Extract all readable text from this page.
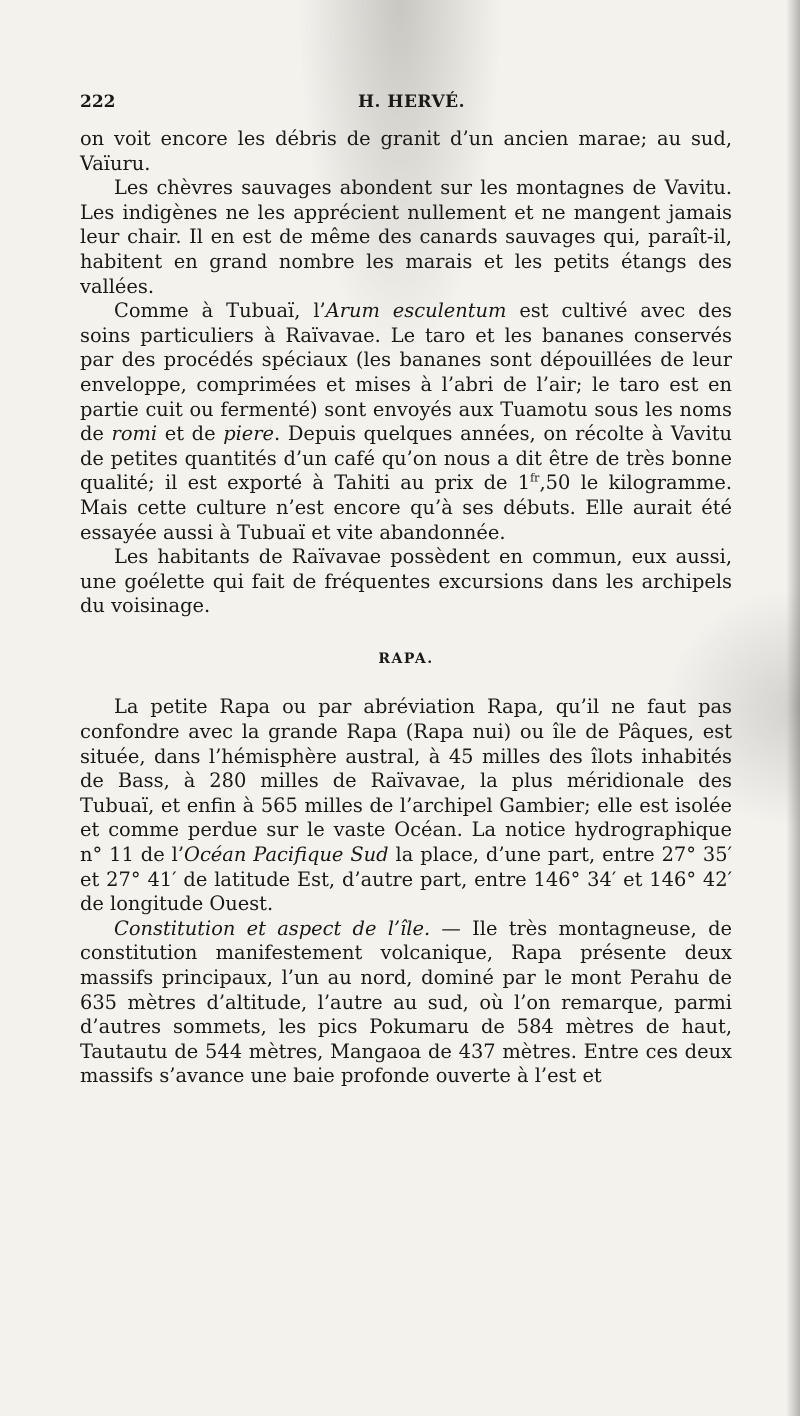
222	H. HERVÉ.

on voit encore les débris de granit d’un ancien marae; au sud, Vaïuru.

Les chèvres sauvages abondent sur les montagnes de Vavitu. Les indigènes ne les apprécient nullement et ne mangent jamais leur chair. Il en est de même des canards sauvages qui, paraît-il, habitent en grand nombre les marais et les petits étangs des vallées.

Comme à Tubuaï, l’Arum esculentum est cultivé avec des soins particuliers à Raïvavae. Le taro et les bananes conservés par des procédés spéciaux (les bananes sont dépouillées de leur enveloppe, comprimées et mises à l’abri de l’air; le taro est en partie cuit ou fermenté) sont envoyés aux Tuamotu sous les noms de romi et de piere. Depuis quelques années, on récolte à Vavitu de petites quantités d’un café qu’on nous a dit être de très bonne qualité; il est exporté à Tahiti au prix de $1^{fr},50$ le kilogramme. Mais cette culture n’est encore qu’à ses débuts. Elle aurait été essayée aussi à Tubuaï et vite abandonnée.

Les habitants de Raïvavae possèdent en commun, eux aussi, une goélette qui fait de fréquentes excursions dans les archipels du voisinage.

RAPA.

La petite Rapa ou par abréviation Rapa, qu’il ne faut pas confondre avec la grande Rapa (Rapa nui) ou île de Pâques, est située, dans l’hémisphère austral, à 45 milles des îlots inhabités de Bass, à 280 milles de Raïvavae, la plus méridionale des Tubuaï, et enfin à 565 milles de l’archipel Gambier; elle est isolée et comme perdue sur le vaste Océan. La notice hydrographique n° 11 de l’Océan Pacifique Sud la place, d’une part, entre 27° 35′ et 27° 41′ de latitude Est, d’autre part, entre 146° 34′ et 146° 42′ de longitude Ouest.

Constitution et aspect de l’île. — Ile très montagneuse, de constitution manifestement volcanique, Rapa présente deux massifs principaux, l’un au nord, dominé par le mont Perahu de 635 mètres d’altitude, l’autre au sud, où l’on remarque, parmi d’autres sommets, les pics Pokumaru de 584 mètres de haut, Tautautu de 544 mètres, Mangaoa de 437 mètres. Entre ces deux massifs s’avance une baie profonde ouverte à l’est et
